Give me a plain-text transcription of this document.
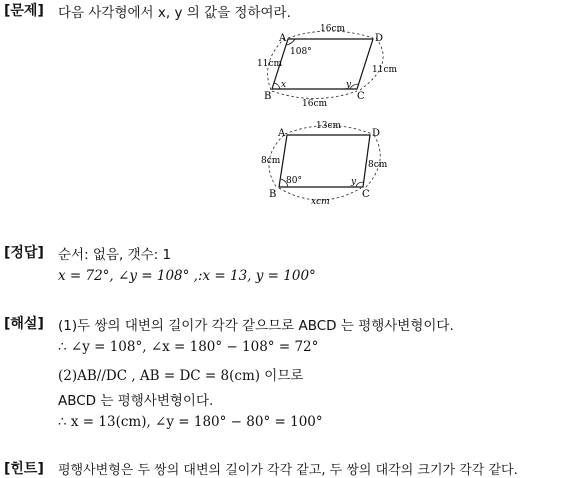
[문제] 다음 사각형에서 x, y 의 값을 정하여라.
A	D
B	C
16cm
16cm
11cm
11cm
108°
x	y
A	D
B	C
13cm
xcm
8cm	8cm
80°	y
[정답] 순서: 없음, 갯수: 1
x = 72°, ∠y = 108° ,:x = 13, y = 100°
[해설] (1)두 쌍의 대변의 길이가 각각 같으므로 ABCD 는 평행사변형이다.
∴ ∠y = 108°, ∠x = 180° − 108° = 72°
(2)AB//DC , AB = DC = 8(cm) 이므로
ABCD 는 평행사변형이다.
∴ x = 13(cm), ∠y = 180° − 80° = 100°
[힌트] 평행사변형은 두 쌍의 대변의 길이가 각각 같고, 두 쌍의 대각의 크기가 각각 같다.
